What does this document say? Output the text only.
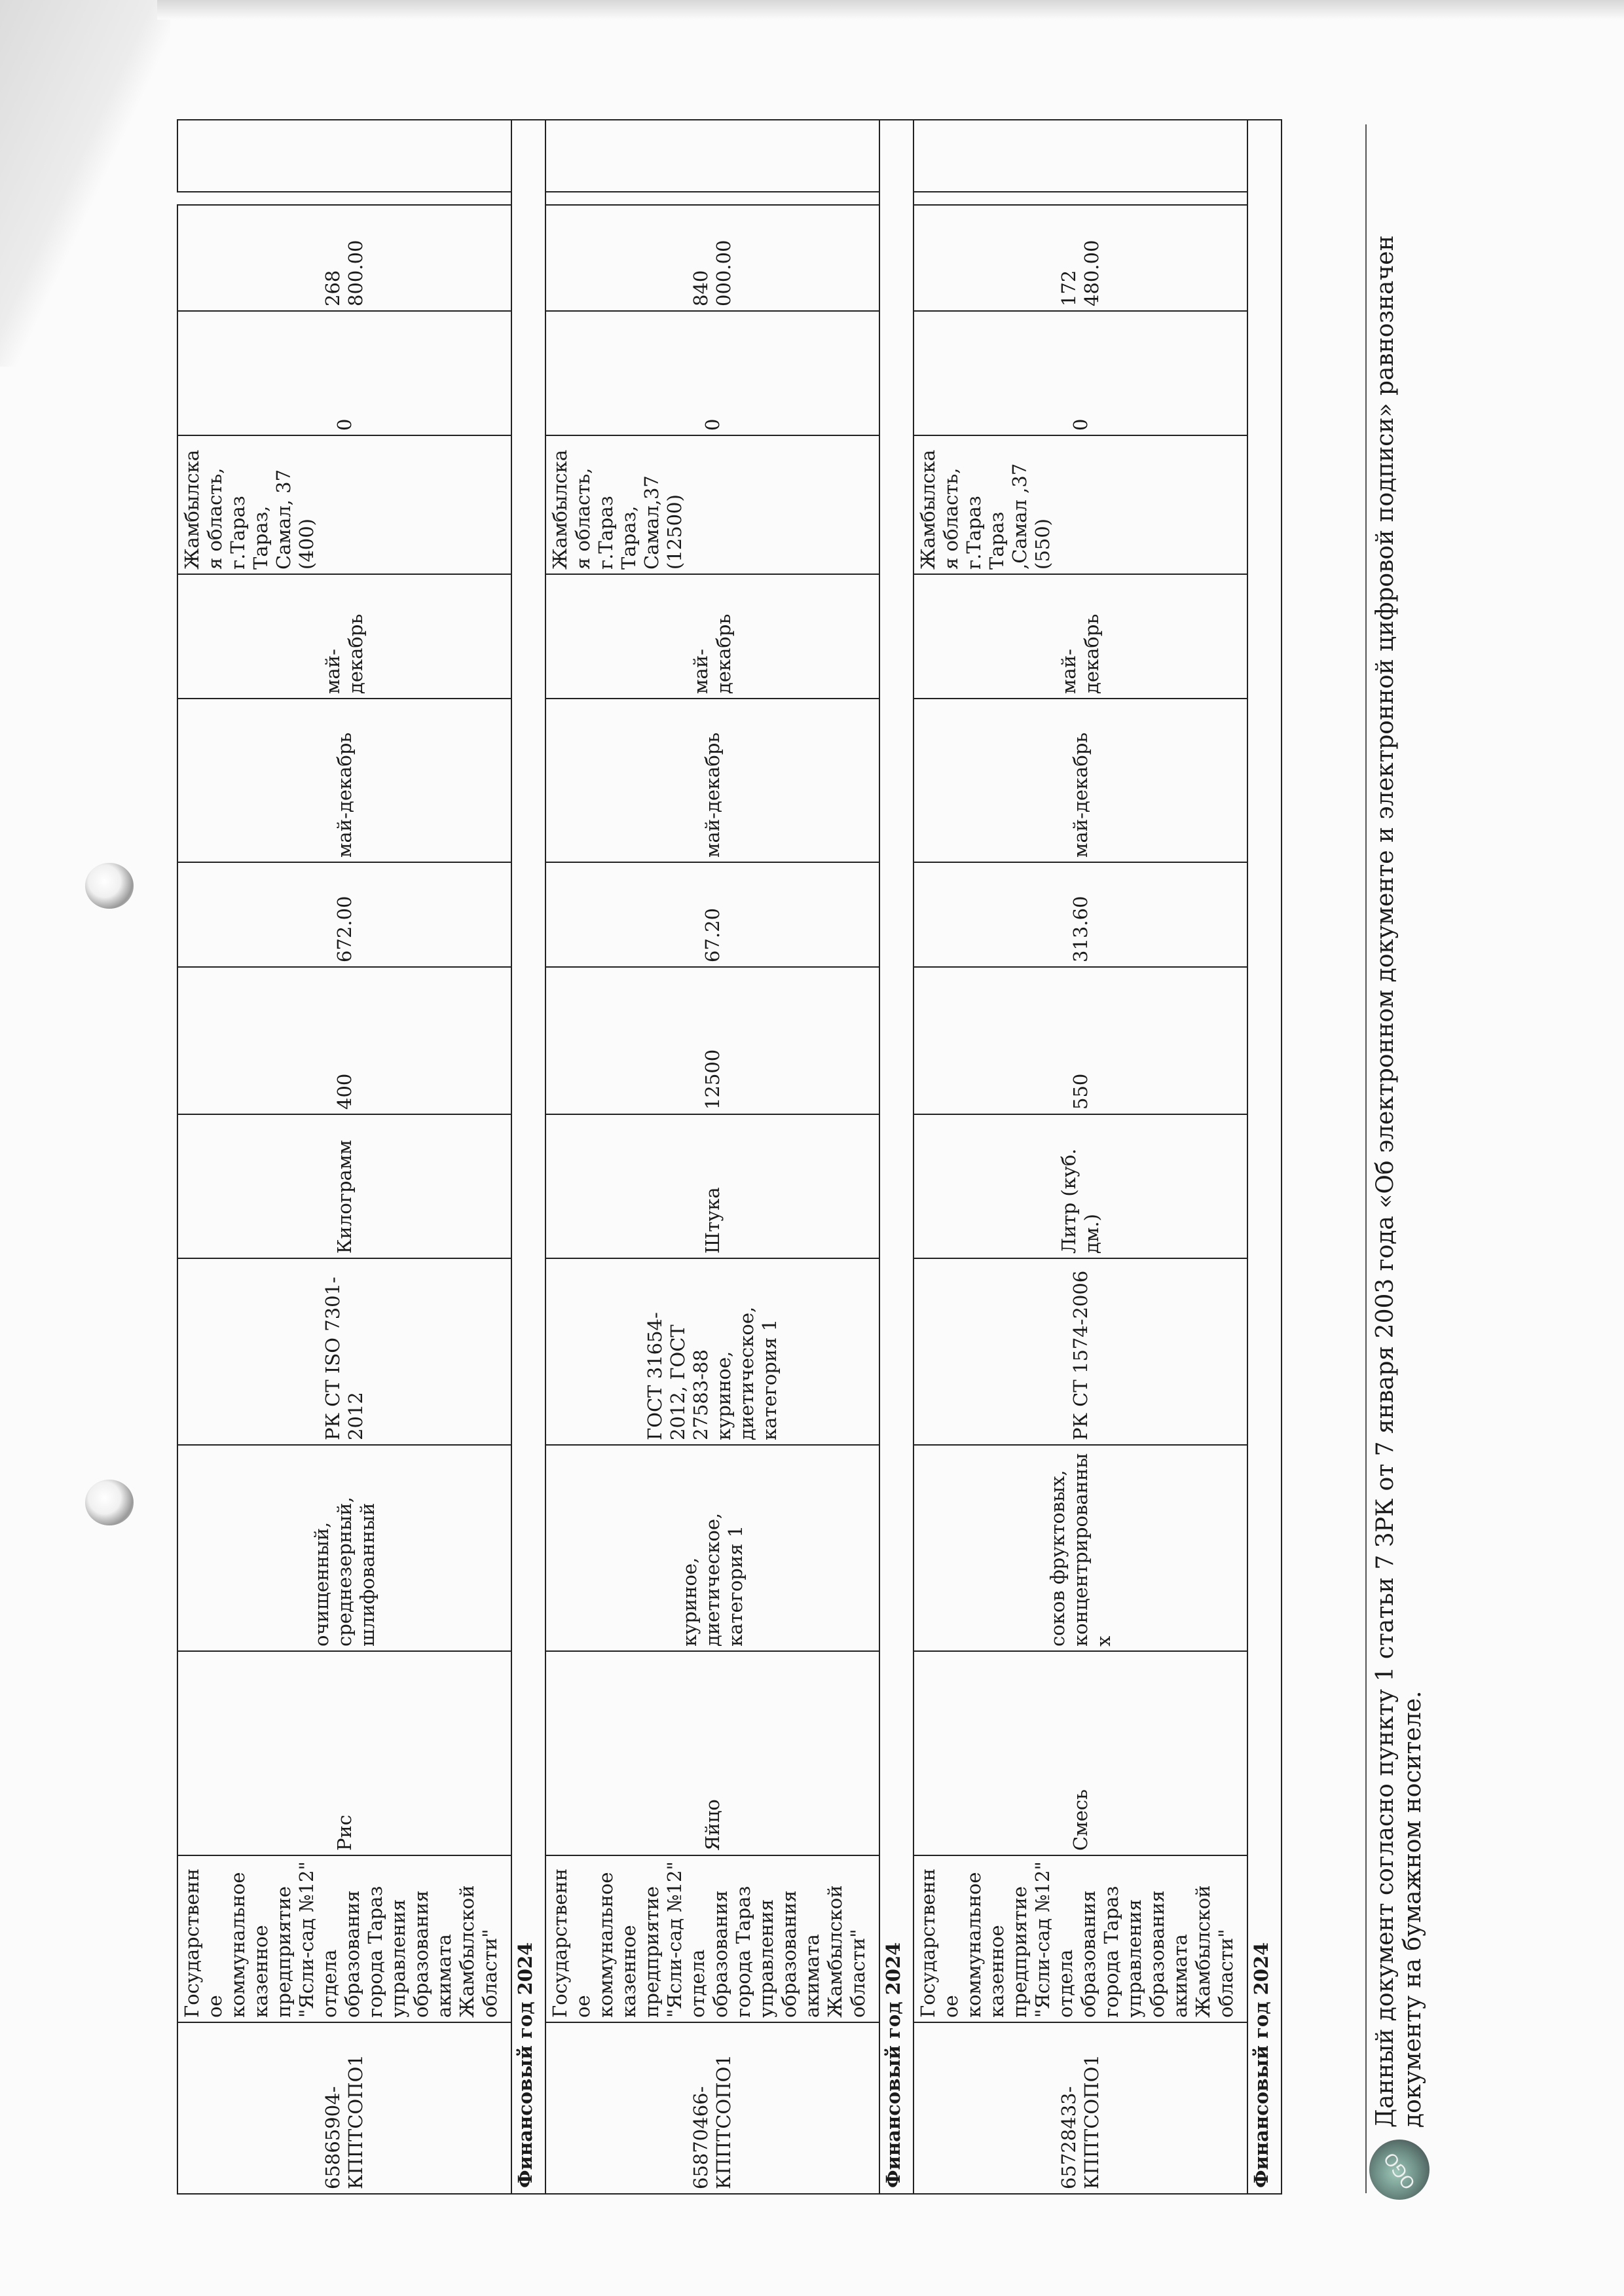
65865904-КППТСОПО1	Государственное коммунальное казенное предприятие "Ясли-сад №12" отдела образования города Тараз управления образования акимата Жамбылской области"	Рис	очищенный, среднезерный, шлифованный	РК СТ ISO 7301-2012	Килограмм	400	672.00	май-декабрь	май-декабрь	Жамбылская область, г.Тараз Тараз, Самал, 37 (400)	0	268 800.00		
Финансовый год 2024														
65870466-КППТСОПО1	Государственное коммунальное казенное предприятие "Ясли-сад №12" отдела образования города Тараз управления образования акимата Жамбылской области"	Яйцо	куриное, диетическое, категория 1	ГОСТ 31654-2012, ГОСТ 27583-88 куриное, диетическое, категория 1	Штука	12500	67.20	май-декабрь	май-декабрь	Жамбылская область, г.Тараз Тараз, Самал,37 (12500)	0	840 000.00		
Финансовый год 2024														
65728433-КППТСОПО1	Государственное коммунальное казенное предприятие "Ясли-сад №12" отдела образования города Тараз управления образования акимата Жамбылской области"	Смесь	соков фруктовых, концентрированных	РК СТ 1574-2006	Литр (куб. дм.)	550	313.60	май-декабрь	май-декабрь	Жамбылская область, г.Тараз Тараз ,Самал ,37 (550)	0	172 480.00		
Финансовый год 2024															OGO
Данный документ согласно пункту 1 статьи 7 ЗРК от 7 января 2003 года «Об электронном документе и электронной цифровой подписи» равнозначен документу на бумажном носителе.
